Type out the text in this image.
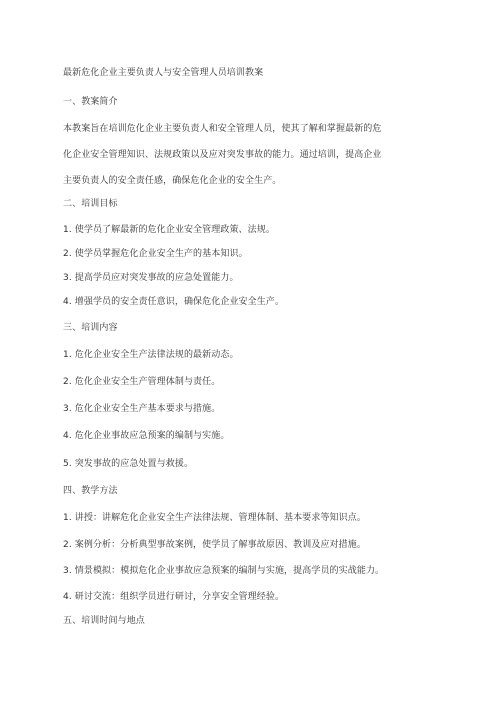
最新危化企业主要负责人与安全管理人员培训教案
一、教案简介
本教案旨在培训危化企业主要负责人和安全管理人员，使其了解和掌握最新的危
化企业安全管理知识、法规政策以及应对突发事故的能力。通过培训，提高企业
主要负责人的安全责任感，确保危化企业的安全生产。
二、培训目标
1. 使学员了解最新的危化企业安全管理政策、法规。
2. 使学员掌握危化企业安全生产的基本知识。
3. 提高学员应对突发事故的应急处置能力。
4. 增强学员的安全责任意识，确保危化企业安全生产。
三、培训内容
1. 危化企业安全生产法律法规的最新动态。
2. 危化企业安全生产管理体制与责任。
3. 危化企业安全生产基本要求与措施。
4. 危化企业事故应急预案的编制与实施。
5. 突发事故的应急处置与救援。
四、教学方法
1. 讲授：讲解危化企业安全生产法律法规、管理体制、基本要求等知识点。
2. 案例分析：分析典型事故案例，使学员了解事故原因、教训及应对措施。
3. 情景模拟：模拟危化企业事故应急预案的编制与实施，提高学员的实战能力。
4. 研讨交流：组织学员进行研讨，分享安全管理经验。
五、培训时间与地点
